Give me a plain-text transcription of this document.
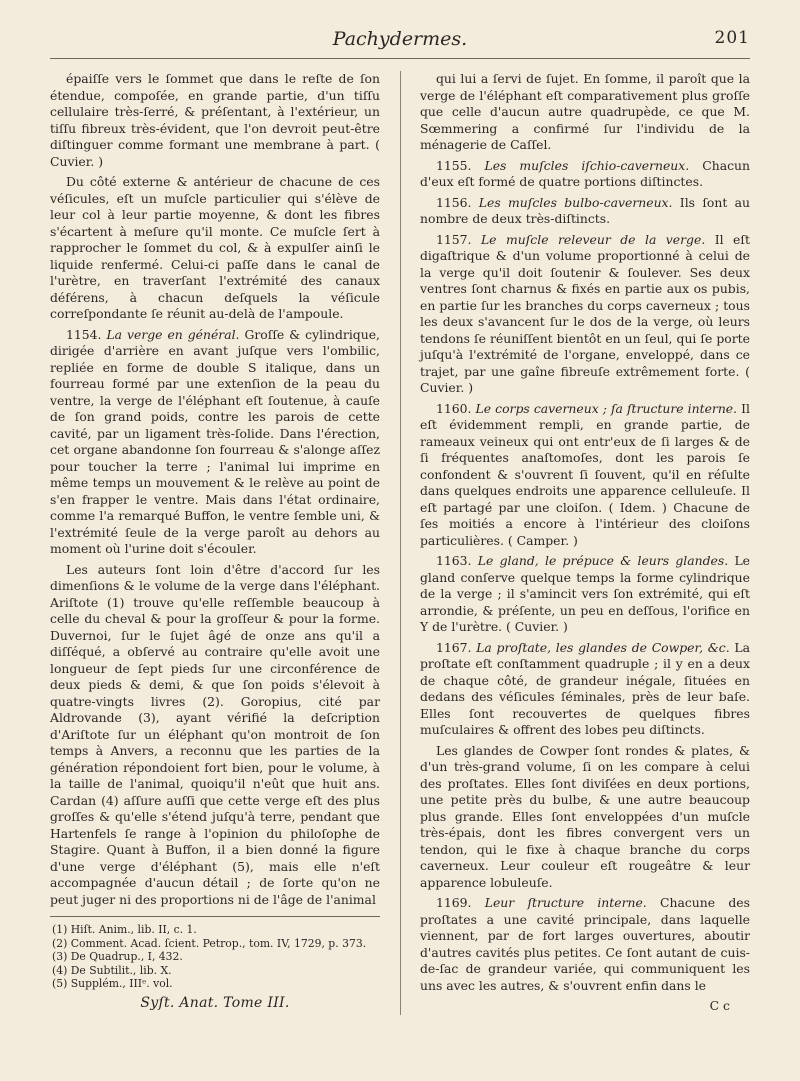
Pachydermes.	201

épaiſſe vers le ſommet que dans le reſte de ſon étendue, compoſée, en grande partie, d'un tiſſu cellulaire très-ſerré, & préſentant, à l'extérieur, un tiſſu fibreux très-évident, que l'on devroit peut-être diſtinguer comme formant une membrane à part. ( Cuvier. )

Du côté externe & antérieur de chacune de ces véſicules, eſt un muſcle particulier qui s'élève de leur col à leur partie moyenne, & dont les fibres s'écartent à meſure qu'il monte. Ce muſcle ſert à rapprocher le ſommet du col, & à expulſer ainſi le liquide renfermé. Celui-ci paſſe dans le canal de l'urètre, en traverſant l'extrémité des canaux déférens, à chacun deſquels la véſicule correſpondante ſe réunit au-delà de l'ampoule.

1154. La verge en général. Groſſe & cylindrique, dirigée d'arrière en avant juſque vers l'ombilic, repliée en forme de double S italique, dans un fourreau formé par une extenſion de la peau du ventre, la verge de l'éléphant eſt ſoutenue, à cauſe de ſon grand poids, contre les parois de cette cavité, par un ligament très-ſolide. Dans l'érection, cet organe abandonne ſon fourreau & s'alonge aſſez pour toucher la terre ; l'animal lui imprime en même temps un mouvement & le relève au point de s'en frapper le ventre. Mais dans l'état ordinaire, comme l'a remarqué Buffon, le ventre ſemble uni, & l'extrémité ſeule de la verge paroît au dehors au moment où l'urine doit s'écouler.

Les auteurs ſont loin d'être d'accord ſur les dimenſions & le volume de la verge dans l'éléphant. Ariſtote (1) trouve qu'elle reſſemble beaucoup à celle du cheval & pour la groſſeur & pour la forme. Duvernoi, ſur le ſujet âgé de onze ans qu'il a diſſéqué, a obſervé au contraire qu'elle avoit une longueur de ſept pieds ſur une circonférence de deux pieds & demi, & que ſon poids s'élevoit à quatre-vingts livres (2). Goropius, cité par Aldrovande (3), ayant vérifié la deſcription d'Ariſtote ſur un éléphant qu'on montroit de ſon temps à Anvers, a reconnu que les parties de la génération répondoient fort bien, pour le volume, à la taille de l'animal, quoiqu'il n'eût que huit ans. Cardan (4) aſſure auſſi que cette verge eſt des plus groſſes & qu'elle s'étend juſqu'à terre, pendant que Hartenfels ſe range à l'opinion du philoſophe de Stagire. Quant à Buffon, il a bien donné la figure d'une verge d'éléphant (5), mais elle n'eſt accompagnée d'aucun détail ; de ſorte qu'on ne peut juger ni des proportions ni de l'âge de l'animal

(1) Hiſt. Anim., lib. II, c. 1.

(2) Comment. Acad. ſcient. Petrop., tom. IV, 1729, p. 373.

(3) De Quadrup., I, 432.

(4) De Subtilit., lib. X.

(5) Supplém., IIIᵉ. vol.

Syſt. Anat. Tome III.

qui lui a ſervi de ſujet. En ſomme, il paroît que la verge de l'éléphant eſt comparativement plus groſſe que celle d'aucun autre quadrupède, ce que M. Sœmmering a confirmé ſur l'individu de la ménagerie de Caſſel.

1155. Les muſcles iſchio-caverneux. Chacun d'eux eſt formé de quatre portions diſtinctes.

1156. Les muſcles bulbo-caverneux. Ils ſont au nombre de deux très-diſtincts.

1157. Le muſcle releveur de la verge. Il eſt digaſtrique & d'un volume proportionné à celui de la verge qu'il doit ſoutenir & ſoulever. Ses deux ventres ſont charnus & fixés en partie aux os pubis, en partie ſur les branches du corps caverneux ; tous les deux s'avancent ſur le dos de la verge, où leurs tendons ſe réuniſſent bientôt en un ſeul, qui ſe porte juſqu'à l'extrémité de l'organe, enveloppé, dans ce trajet, par une gaîne fibreuſe extrêmement forte. ( Cuvier. )

1160. Le corps caverneux ; ſa ſtructure interne. Il eſt évidemment rempli, en grande partie, de rameaux veineux qui ont entr'eux de ſi larges & de ſi fréquentes anaſtomoſes, dont les parois ſe confondent & s'ouvrent ſi ſouvent, qu'il en réſulte dans quelques endroits une apparence celluleuſe. Il eſt partagé par une cloiſon. ( Idem. ) Chacune de ſes moitiés a encore à l'intérieur des cloiſons particulières. ( Camper. )

1163. Le gland, le prépuce & leurs glandes. Le gland conſerve quelque temps la forme cylindrique de la verge ; il s'amincit vers ſon extrémité, qui eſt arrondie, & préſente, un peu en deſſous, l'orifice en Y de l'urètre. ( Cuvier. )

1167. La proſtate, les glandes de Cowper, &c. La proſtate eſt conſtamment quadruple ; il y en a deux de chaque côté, de grandeur inégale, ſituées en dedans des véſicules ſéminales, près de leur baſe. Elles ſont recouvertes de quelques fibres muſculaires & offrent des lobes peu diſtincts.

Les glandes de Cowper ſont rondes & plates, & d'un très-grand volume, ſi on les compare à celui des proſtates. Elles ſont diviſées en deux portions, une petite près du bulbe, & une autre beaucoup plus grande. Elles ſont enveloppées d'un muſcle très-épais, dont les fibres convergent vers un tendon, qui le fixe à chaque branche du corps caverneux. Leur couleur eſt rougeâtre & leur apparence lobuleuſe.

1169. Leur ſtructure interne. Chacune des proſtates a une cavité principale, dans laquelle viennent, par de fort larges ouvertures, aboutir d'autres cavités plus petites. Ce ſont autant de cuis-de-ſac de grandeur variée, qui communiquent les uns avec les autres, & s'ouvrent enfin dans le

C c
